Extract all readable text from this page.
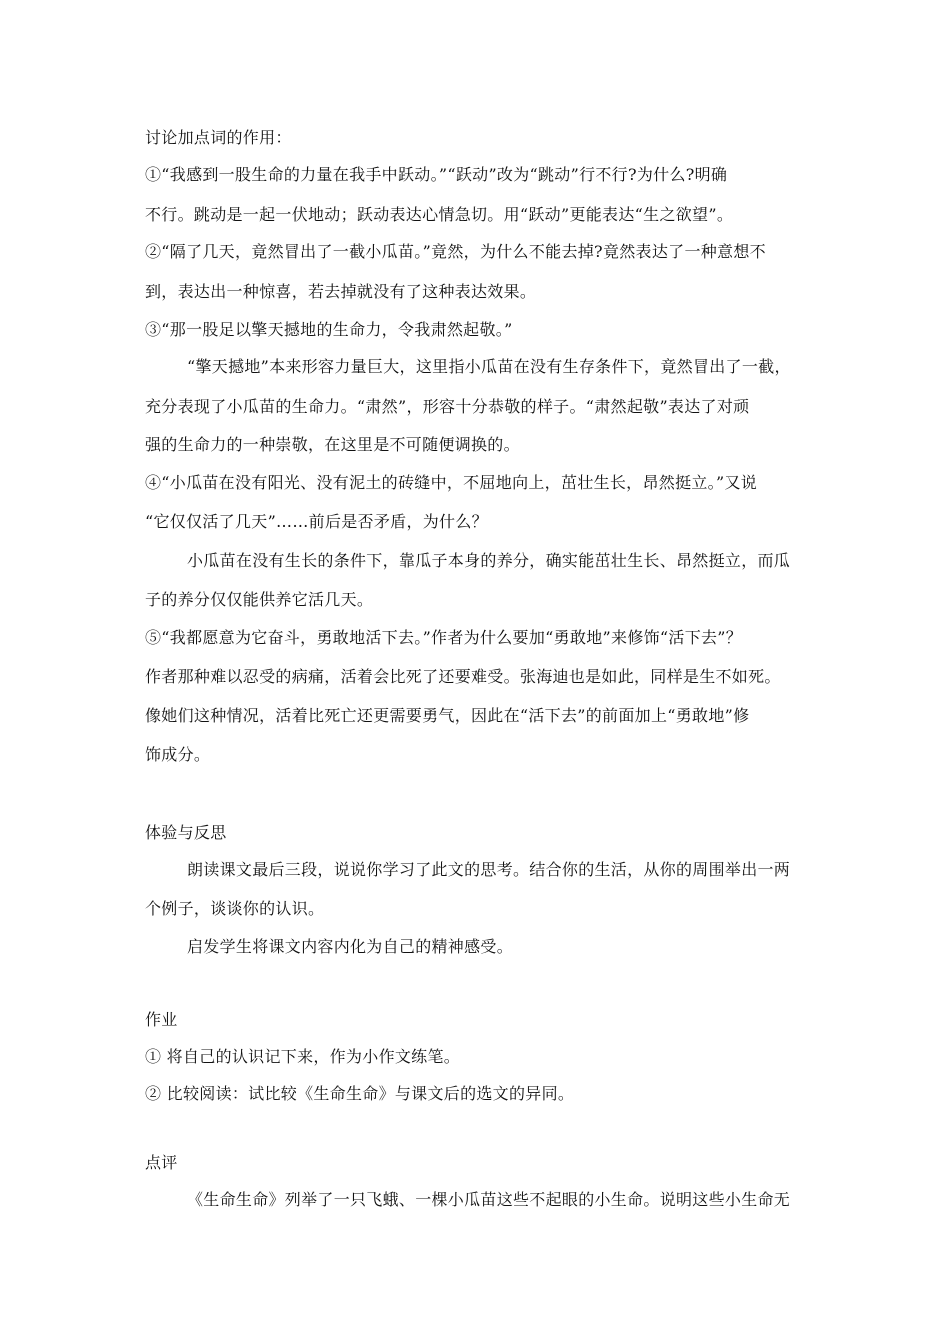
讨论加点词的作用：
①“我感到一股生命的力量在我手中跃动。”“跃动”改为“跳动”行不行?为什么?明确
不行。跳动是一起一伏地动；跃动表达心情急切。用“跃动”更能表达“生之欲望”。
②“隔了几天，竟然冒出了一截小瓜苗。”竟然，为什么不能去掉?竟然表达了一种意想不
到，表达出一种惊喜，若去掉就没有了这种表达效果。
③“那一股足以擎天撼地的生命力，令我肃然起敬。”
“擎天撼地”本来形容力量巨大，这里指小瓜苗在没有生存条件下，竟然冒出了一截，
充分表现了小瓜苗的生命力。“肃然”，形容十分恭敬的样子。“肃然起敬”表达了对顽
强的生命力的一种崇敬，在这里是不可随便调换的。
④“小瓜苗在没有阳光、没有泥土的砖缝中，不屈地向上，茁壮生长，昂然挺立。”又说
“它仅仅活了几天”……前后是否矛盾，为什么？
小瓜苗在没有生长的条件下，靠瓜子本身的养分，确实能茁壮生长、昂然挺立，而瓜
子的养分仅仅能供养它活几天。
⑤“我都愿意为它奋斗，勇敢地活下去。”作者为什么要加“勇敢地”来修饰“活下去”？
作者那种难以忍受的病痛，活着会比死了还要难受。张海迪也是如此，同样是生不如死。
像她们这种情况，活着比死亡还更需要勇气，因此在“活下去”的前面加上“勇敢地”修
饰成分。
体验与反思
朗读课文最后三段，说说你学习了此文的思考。结合你的生活，从你的周围举出一两
个例子，谈谈你的认识。
启发学生将课文内容内化为自己的精神感受。
作业
① 将自己的认识记下来，作为小作文练笔。
② 比较阅读：试比较《生命生命》与课文后的选文的异同。
点评
《生命生命》列举了一只飞蛾、一棵小瓜苗这些不起眼的小生命。说明这些小生命无
